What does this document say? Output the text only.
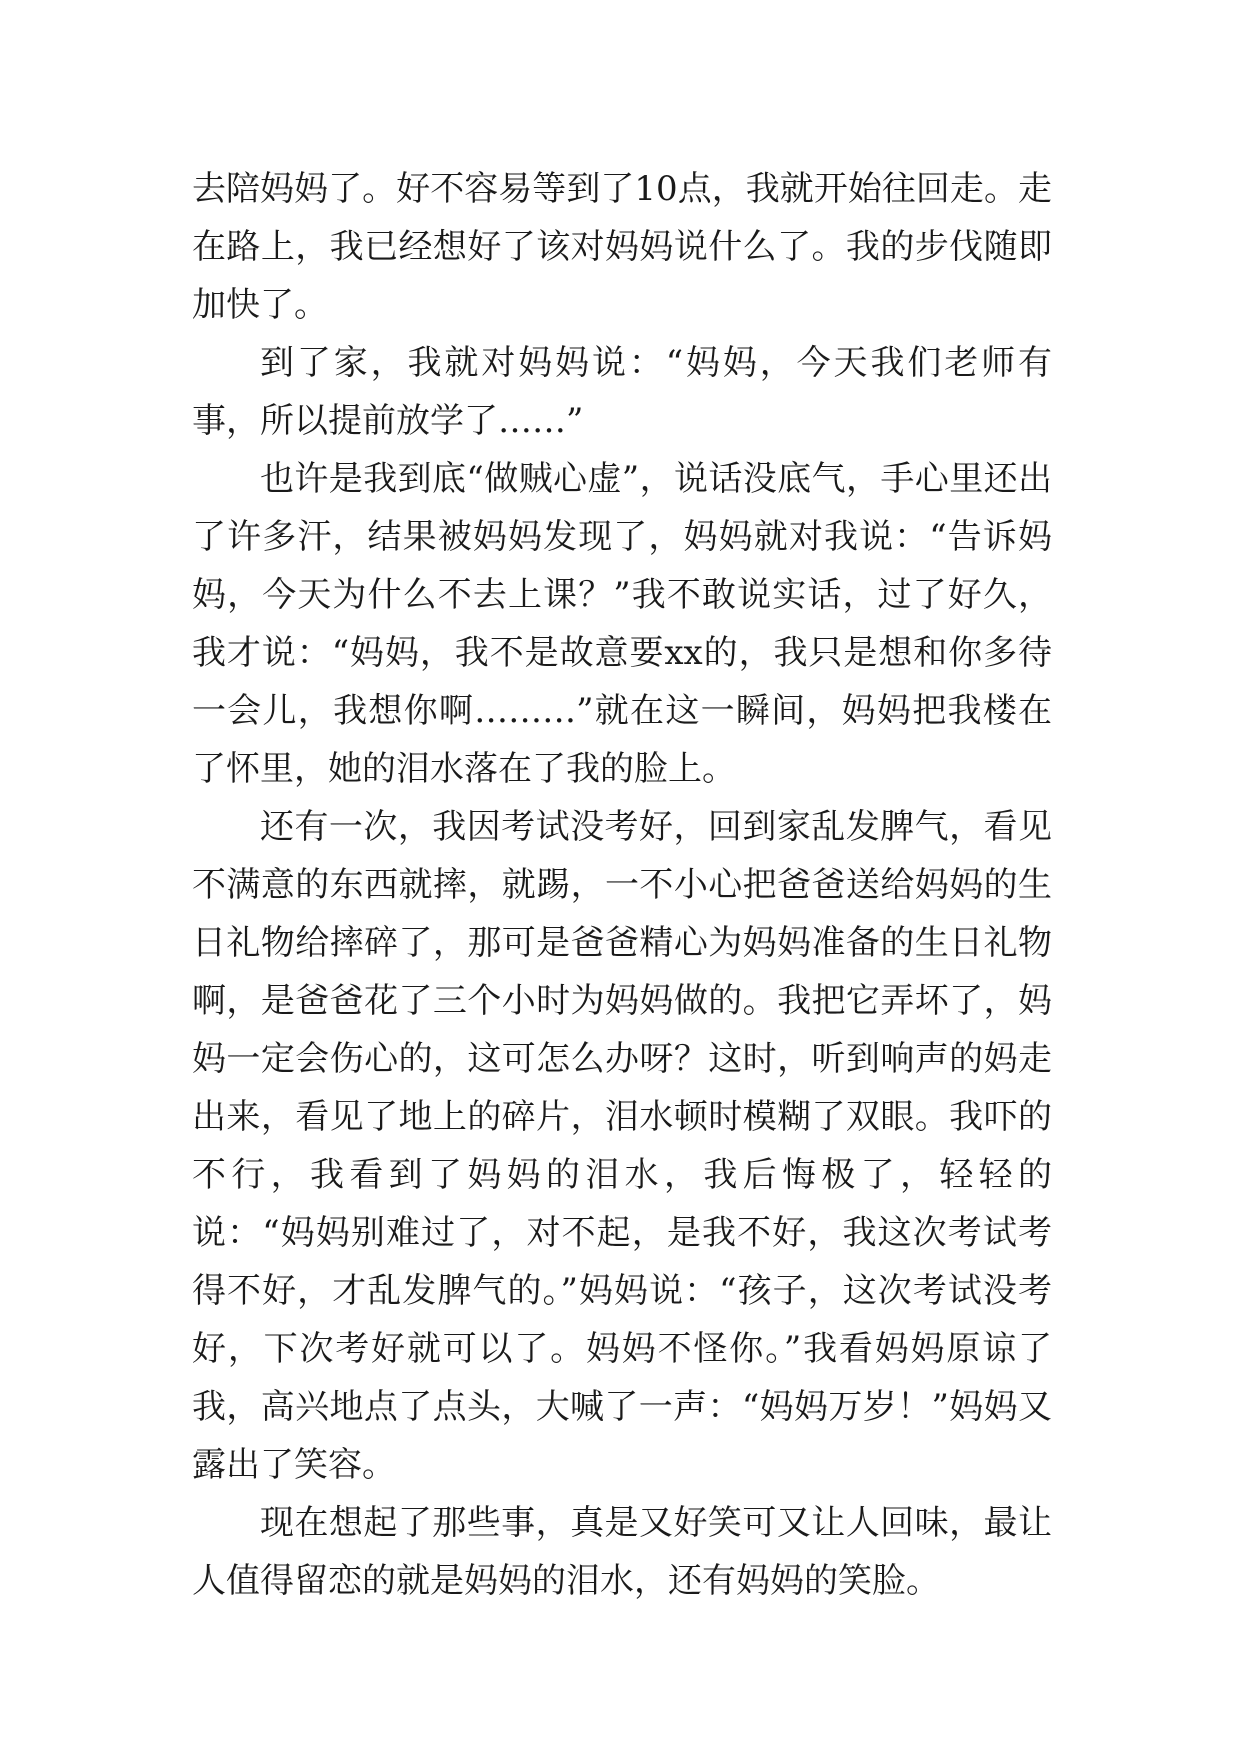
去陪妈妈了。好不容易等到了10点，我就开始往回走。走在路上，我已经想好了该对妈妈说什么了。我的步伐随即加快了。

到了家，我就对妈妈说：“妈妈，今天我们老师有事，所以提前放学了……”

也许是我到底“做贼心虚”，说话没底气，手心里还出了许多汗，结果被妈妈发现了，妈妈就对我说：“告诉妈妈，今天为什么不去上课？”我不敢说实话，过了好久，我才说：“妈妈，我不是故意要xx的，我只是想和你多待一会儿，我想你啊………”就在这一瞬间，妈妈把我楼在了怀里，她的泪水落在了我的脸上。

还有一次，我因考试没考好，回到家乱发脾气，看见不满意的东西就摔，就踢，一不小心把爸爸送给妈妈的生日礼物给摔碎了，那可是爸爸精心为妈妈准备的生日礼物啊，是爸爸花了三个小时为妈妈做的。我把它弄坏了，妈妈一定会伤心的，这可怎么办呀？这时，听到响声的妈走出来，看见了地上的碎片，泪水顿时模糊了双眼。我吓的不行，我看到了妈妈的泪水，我后悔极了，轻轻的说：“妈妈别难过了，对不起，是我不好，我这次考试考得不好，才乱发脾气的。”妈妈说：“孩子，这次考试没考好，下次考好就可以了。妈妈不怪你。”我看妈妈原谅了我，高兴地点了点头，大喊了一声：“妈妈万岁！”妈妈又露出了笑容。

现在想起了那些事，真是又好笑可又让人回味，最让人值得留恋的就是妈妈的泪水，还有妈妈的笑脸。
